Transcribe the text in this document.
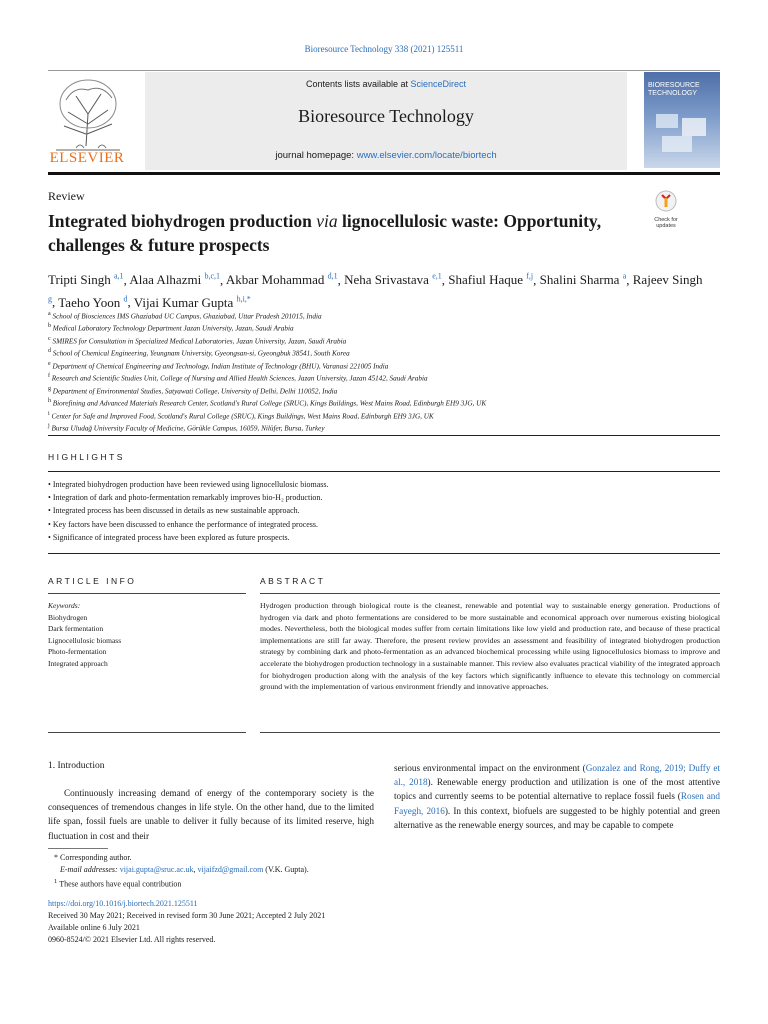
Bioresource Technology 338 (2021) 125511
ELSEVIER
Contents lists available at ScienceDirect
Bioresource Technology
journal homepage: www.elsevier.com/locate/biortech
BIORESOURCE
TECHNOLOGY
Review
Integrated biohydrogen production via lignocellulosic waste: Opportunity, challenges & future prospects
Check for
updates
Tripti Singh $^{a,1}$, Alaa Alhazmi $^{b,c,1}$, Akbar Mohammad $^{d,1}$, Neha Srivastava $^{e,1}$, Shafiul Haque $^{f,j}$, Shalini Sharma $^a$, Rajeev Singh $^g$, Taeho Yoon $^d$, Vijai Kumar Gupta $^{h,i,*}$
$^a$ School of Biosciences IMS Ghaziabad UC Campus, Ghaziabad, Uttar Pradesh 201015, India
$^b$ Medical Laboratory Technology Department Jazan University, Jazan, Saudi Arabia
$^c$ SMIRES for Consultation in Specialized Medical Laboratories, Jazan University, Jazan, Saudi Arabia
$^d$ School of Chemical Engineering, Yeungnam University, Gyeongsan-si, Gyeongbuk 38541, South Korea
$^e$ Department of Chemical Engineering and Technology, Indian Institute of Technology (BHU), Varanasi 221005 India
$^f$ Research and Scientific Studies Unit, College of Nursing and Allied Health Sciences, Jazan University, Jazan 45142, Saudi Arabia
$^g$ Department of Environmental Studies, Satyawati College, University of Delhi, Delhi 110052, India
$^h$ Biorefining and Advanced Materials Research Center, Scotland's Rural College (SRUC), Kings Buildings, West Mains Road, Edinburgh EH9 3JG, UK
$^i$ Center for Safe and Improved Food, Scotland's Rural College (SRUC), Kings Buildings, West Mains Road, Edinburgh EH9 3JG, UK
$^j$ Bursa Uludağ University Faculty of Medicine, Görükle Campus, 16059, Nilüfer, Bursa, Turkey
HIGHLIGHTS
• Integrated biohydrogen production have been reviewed using lignocellulosic biomass.
• Integration of dark and photo-fermentation remarkably improves bio-H₂ production.
• Integrated process has been discussed in details as new sustainable approach.
• Key factors have been discussed to enhance the performance of integrated process.
• Significance of integrated process have been explored as future prospects.
ARTICLE INFO	ABSTRACT
Keywords:
Biohydrogen
Dark fermentation
Lignocellulosic biomass
Photo-fermentation
Integrated approach
Hydrogen production through biological route is the cleanest, renewable and potential way to sustainable energy generation. Productions of hydrogen via dark and photo fermentations are considered to be more sustainable and economical approach over numerous existing biological modes. Nevertheless, both the biological modes suffer from certain limitations like low yield and production rate, and because of these practical implementations are still far away. Therefore, the present review provides an assessment and feasibility of integrated biohydrogen production strategy by combining dark and photo-fermentation as an advanced biochemical processing while using lignocellulosics biomass to improve and accelerate the biohydrogen production technology in a sustainable manner. This review also evaluates practical viability of the integrated approach for biohydrogen production along with the analysis of the key factors which significantly influence to elevate this technology on commercial ground with the implementation of various environment friendly and innovative approaches.
1. Introduction
Continuously increasing demand of energy of the contemporary society is the consequences of tremendous changes in life style. On the other hand, due to the limited life span, fossil fuels are unable to deliver it fully because of its limited reserve, high fluctuation in cost and their
serious environmental impact on the environment (Gonzalez and Rong, 2019; Duffy et al., 2018). Renewable energy production and utilization is one of the most attentive topics and currently seems to be potential alternative to replace fossil fuels (Rosen and Fayegh, 2016). In this context, biofuels are suggested to be highly potential and green alternative as the renewable energy sources, and may be capable to compete
* Corresponding author.
E-mail addresses: vijai.gupta@sruc.ac.uk, vijaifzd@gmail.com (V.K. Gupta).
$^1$ These authors have equal contribution
https://doi.org/10.1016/j.biortech.2021.125511
Received 30 May 2021; Received in revised form 30 June 2021; Accepted 2 July 2021
Available online 6 July 2021
0960-8524/© 2021 Elsevier Ltd. All rights reserved.
